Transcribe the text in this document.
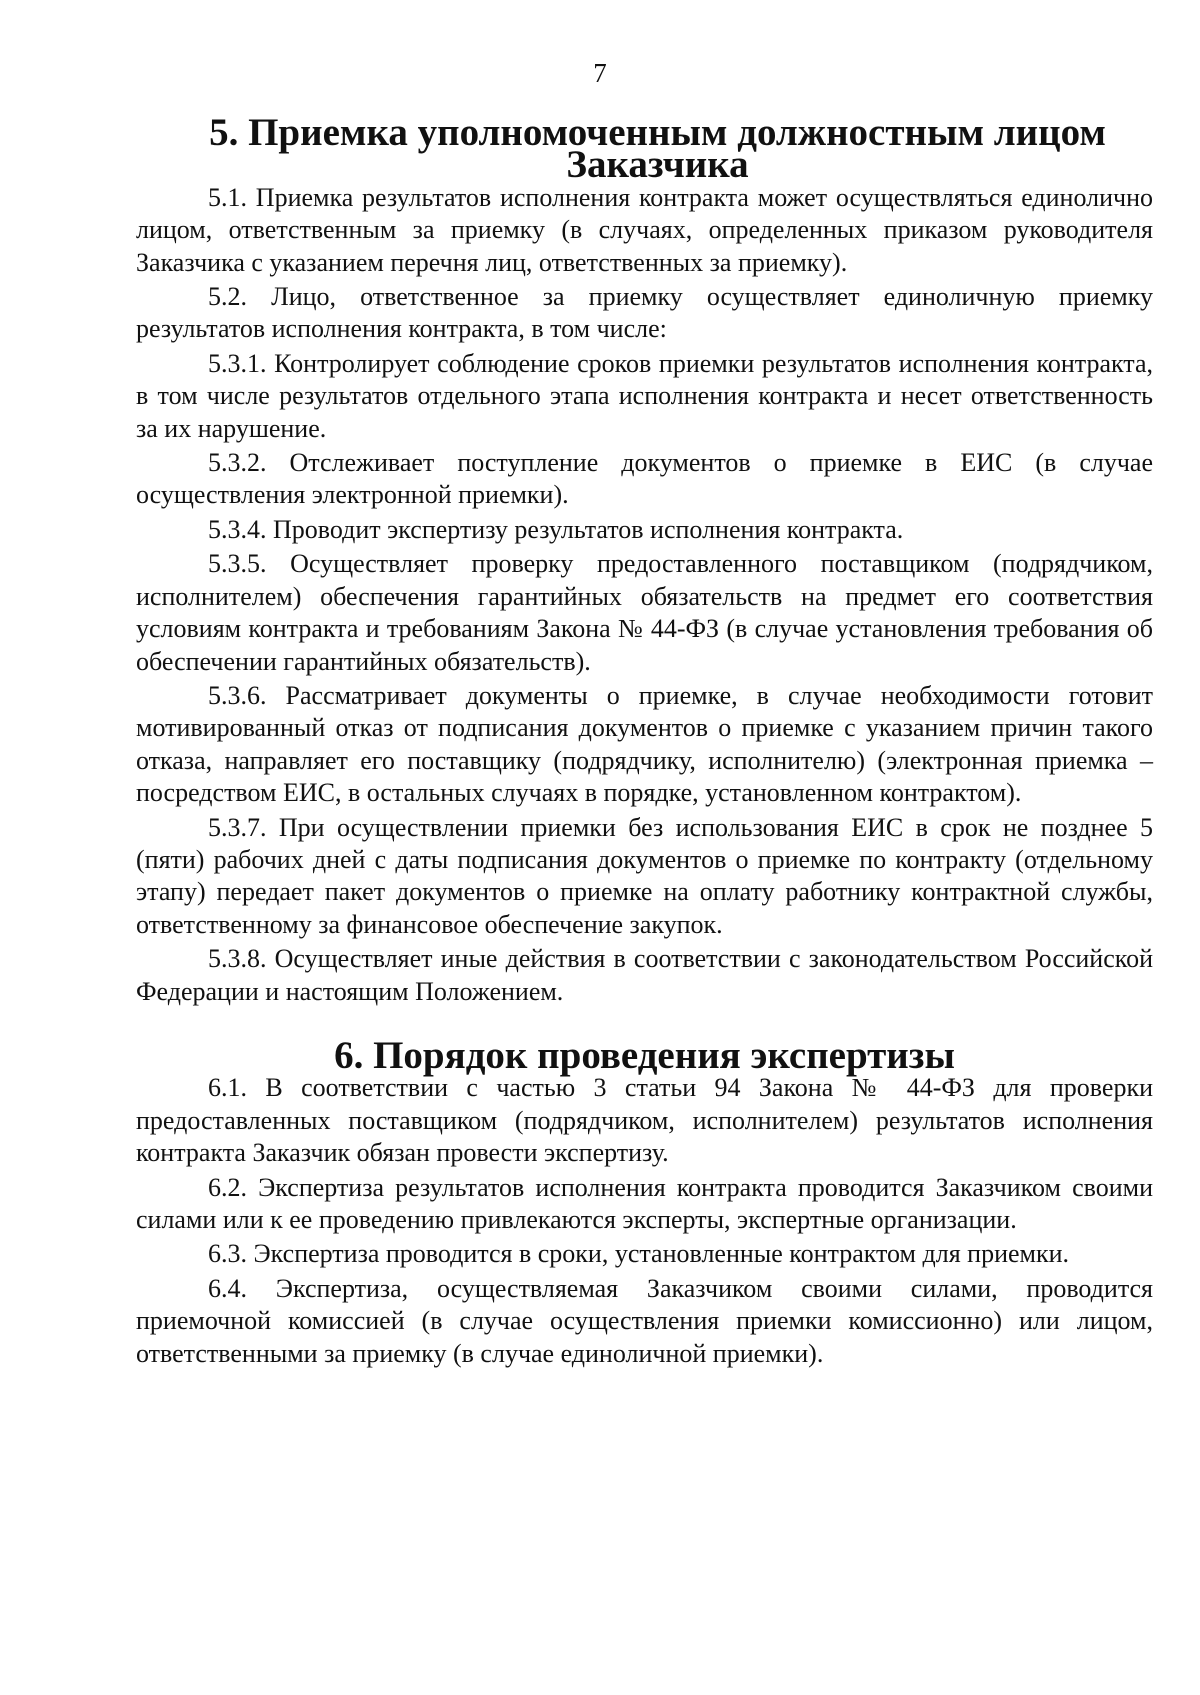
7
5. Приемка уполномоченным должностным лицом Заказчика

5.1. Приемка результатов исполнения контракта может осуществляться единолично лицом, ответственным за приемку (в случаях, определенных приказом руководителя Заказчика с указанием перечня лиц, ответственных за приемку).

5.2. Лицо, ответственное за приемку осуществляет единоличную приемку результатов исполнения контракта, в том числе:

5.3.1. Контролирует соблюдение сроков приемки результатов исполнения контракта, в том числе результатов отдельного этапа исполнения контракта и несет ответственность за их нарушение.

5.3.2. Отслеживает поступление документов о приемке в ЕИС (в случае осуществления электронной приемки).

5.3.4. Проводит экспертизу результатов исполнения контракта.

5.3.5. Осуществляет проверку предоставленного поставщиком (подрядчиком, исполнителем) обеспечения гарантийных обязательств на предмет его соответствия условиям контракта и требованиям Закона № 44-ФЗ (в случае установления требования об обеспечении гарантийных обязательств).

5.3.6. Рассматривает документы о приемке, в случае необходимости готовит мотивированный отказ от подписания документов о приемке с указанием причин такого отказа, направляет его поставщику (подрядчику, исполнителю) (электронная приемка – посредством ЕИС, в остальных случаях в порядке, установленном контрактом).

5.3.7. При осуществлении приемки без использования ЕИС в срок не позднее 5 (пяти) рабочих дней с даты подписания документов о приемке по контракту (отдельному этапу) передает пакет документов о приемке на оплату работнику контрактной службы, ответственному за финансовое обеспечение закупок.

5.3.8. Осуществляет иные действия в соответствии с законодательством Российской Федерации и настоящим Положением.

6. Порядок проведения экспертизы

6.1. В соответствии с частью 3 статьи 94 Закона № 44-ФЗ для проверки предоставленных поставщиком (подрядчиком, исполнителем) результатов исполнения контракта Заказчик обязан провести экспертизу.

6.2. Экспертиза результатов исполнения контракта проводится Заказчиком своими силами или к ее проведению привлекаются эксперты, экспертные организации.

6.3. Экспертиза проводится в сроки, установленные контрактом для приемки.

6.4. Экспертиза, осуществляемая Заказчиком своими силами, проводится приемочной комиссией (в случае осуществления приемки комиссионно) или лицом, ответственными за приемку (в случае единоличной приемки).
